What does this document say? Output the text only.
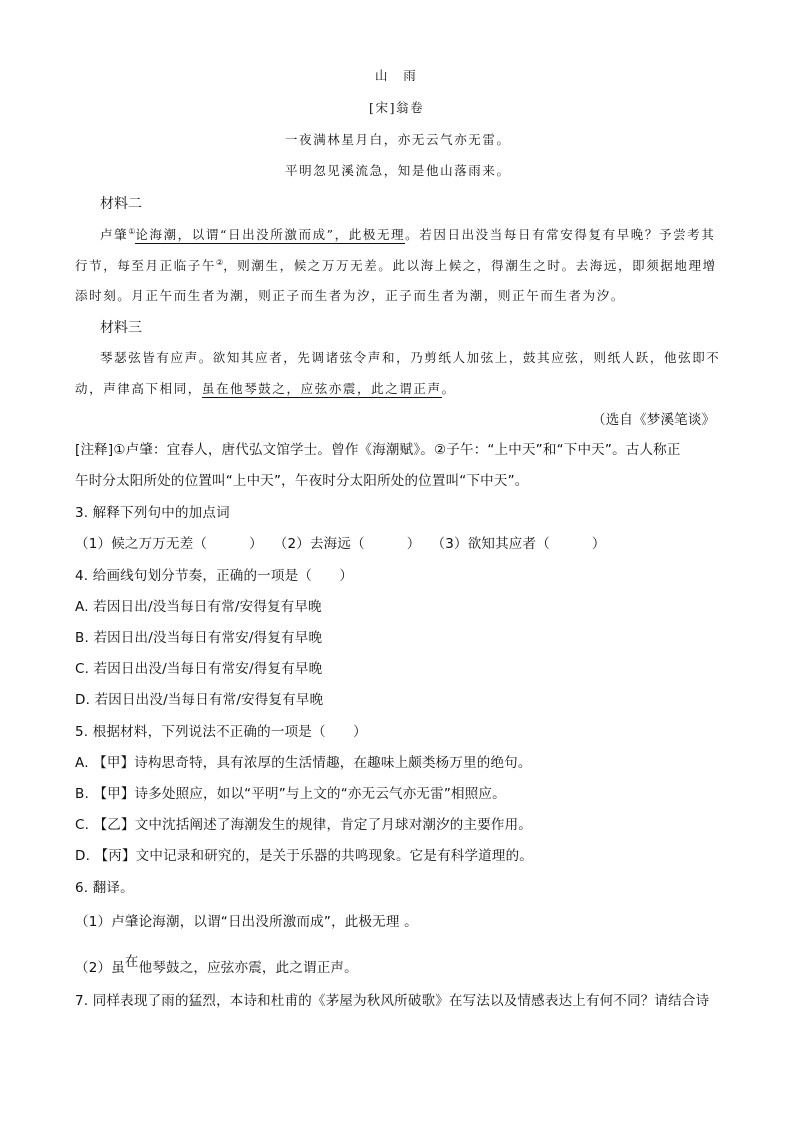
山　雨
[宋]翁卷
一夜满林星月白，亦无云气亦无雷。
平明忽见溪流急，知是他山落雨来。
材料二
卢肇①论海潮，以谓“日出没所激而成”，此极无理。若因日出没当每日有常安得复有早晚？予尝考其
行节，每至月正临子午②，则潮生，候之万万无差。此以海上候之，得潮生之时。去海远，即须据地理增
添时刻。月正午而生者为潮，则正子而生者为汐，正子而生者为潮，则正午而生者为汐。
材料三
琴瑟弦皆有应声。欲知其应者，先调诸弦令声和，乃剪纸人加弦上，鼓其应弦，则纸人跃，他弦即不
动，声律高下相同，虽在他琴鼓之，应弦亦震，此之谓正声。
（选自《梦溪笔谈》
[注释]①卢肇：宜春人，唐代弘文馆学士。曾作《海潮赋》。②子午：“上中天”和“下中天”。古人称正
午时分太阳所处的位置叫“上中天”，午夜时分太阳所处的位置叫“下中天”。
3. 解释下列句中的加点词
（1）候之万万无差（	） （2）去海远（	） （3）欲知其应者（	）
4. 给画线句划分节奏，正确的一项是（　　）
A. 若因日出/没当每日有常/安得复有早晚
B. 若因日出/没当每日有常安/得复有早晚
C. 若因日出没/当每日有常安/得复有早晚
D. 若因日出没/当每日有常/安得复有早晚
5. 根据材料，下列说法不正确的一项是（　　）
A. 【甲】诗构思奇特，具有浓厚的生活情趣，在趣味上颇类杨万里的绝句。
B. 【甲】诗多处照应，如以“平明”与上文的“亦无云气亦无雷”相照应。
C. 【乙】文中沈括阐述了海潮发生的规律，肯定了月球对潮汐的主要作用。
D. 【丙】文中记录和研究的，是关于乐器的共鸣现象。它是有科学道理的。
6. 翻译。
（1）卢肇论海潮，以谓“日出没所激而成”，此极无理 。
（2）虽在他琴鼓之，应弦亦震，此之谓正声。
7. 同样表现了雨的猛烈，本诗和杜甫的《茅屋为秋风所破歌》在写法以及情感表达上有何不同？请结合诗
